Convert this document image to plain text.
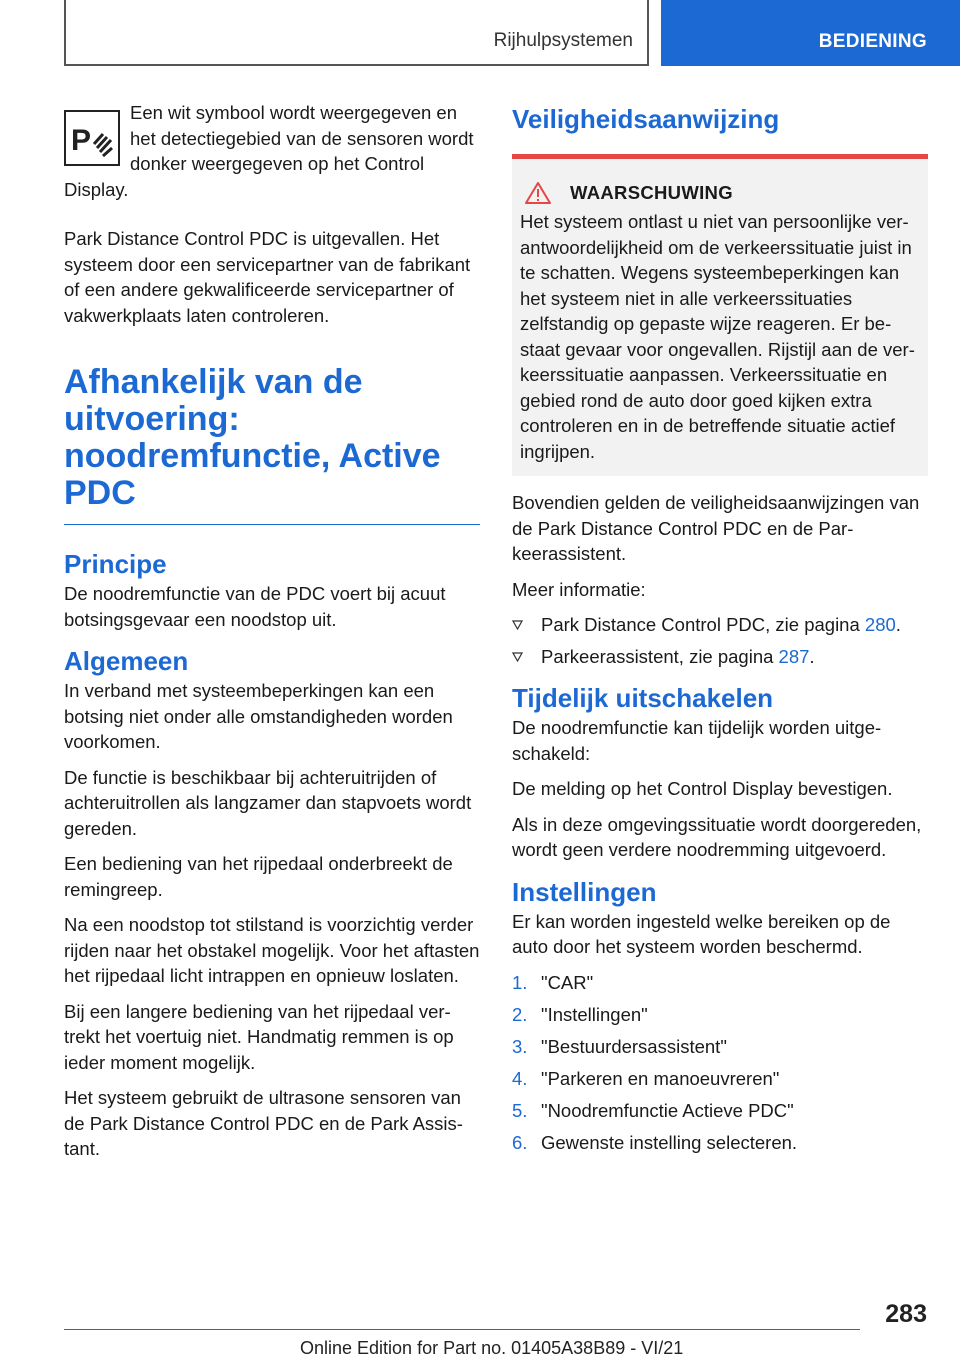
Rijhulpsystemen	BEDIENING
P

Een wit symbool wordt weergegeven en het detectiegebied van de sensoren wordt donker weergegeven op het Control Display.

Park Distance Control PDC is uitgevallen. Het systeem door een servicepartner van de fabrikant of een andere gekwalificeerde servicepartner of vakwerkplaats laten controleren.

Afhankelijk van de uitvoering: noodremfunctie, Active PDC
Principe

De noodremfunctie van de PDC voert bij acuut botsingsgevaar een noodstop uit.

Algemeen

In verband met systeembeperkingen kan een botsing niet onder alle omstandigheden worden voorkomen.

De functie is beschikbaar bij achteruitrijden of achteruitrollen als langzamer dan stapvoets wordt gereden.

Een bediening van het rijpedaal onderbreekt de remingreep.

Na een noodstop tot stilstand is voorzichtig verder rijden naar het obstakel mogelijk. Voor het aftasten het rijpedaal licht intrappen en opnieuw loslaten.

Bij een langere bediening van het rijpedaal vertrekt het voertuig niet. Handmatig remmen is op ieder moment mogelijk.

Het systeem gebruikt de ultrasone sensoren van de Park Distance Control PDC en de Park Assistant.

Veiligheidsaanwijzing
WAARSCHUWING

Het systeem ontlast u niet van persoonlijke verantwoordelijkheid om de verkeerssituatie juist in te schatten. Wegens systeembeperkingen kan het systeem niet in alle verkeerssituaties zelfstandig op gepaste wijze reageren. Er bestaat gevaar voor ongevallen. Rijstijl aan de verkeerssituatie aanpassen. Verkeerssituatie en gebied rond de auto door goed kijken extra controleren en in de betreffende situatie actief ingrijpen.

Bovendien gelden de veiligheidsaanwijzingen van de Park Distance Control PDC en de Parkeerassistent.

Meer informatie:

Park Distance Control PDC, zie pagina 280.
Parkeerassistent, zie pagina 287.
Tijdelijk uitschakelen

De noodremfunctie kan tijdelijk worden uitgeschakeld:

De melding op het Control Display bevestigen.

Als in deze omgevingssituatie wordt doorgereden, wordt geen verdere noodremming uitgevoerd.

Instellingen

Er kan worden ingesteld welke bereiken op de auto door het systeem worden beschermd.

1. "CAR"
2. "Instellingen"
3. "Bestuurdersassistent"
4. "Parkeren en manoeuvreren"
5. "Noodremfunctie Actieve PDC"
6. Gewenste instelling selecteren.
283
Online Edition for Part no. 01405A38B89 - VI/21
